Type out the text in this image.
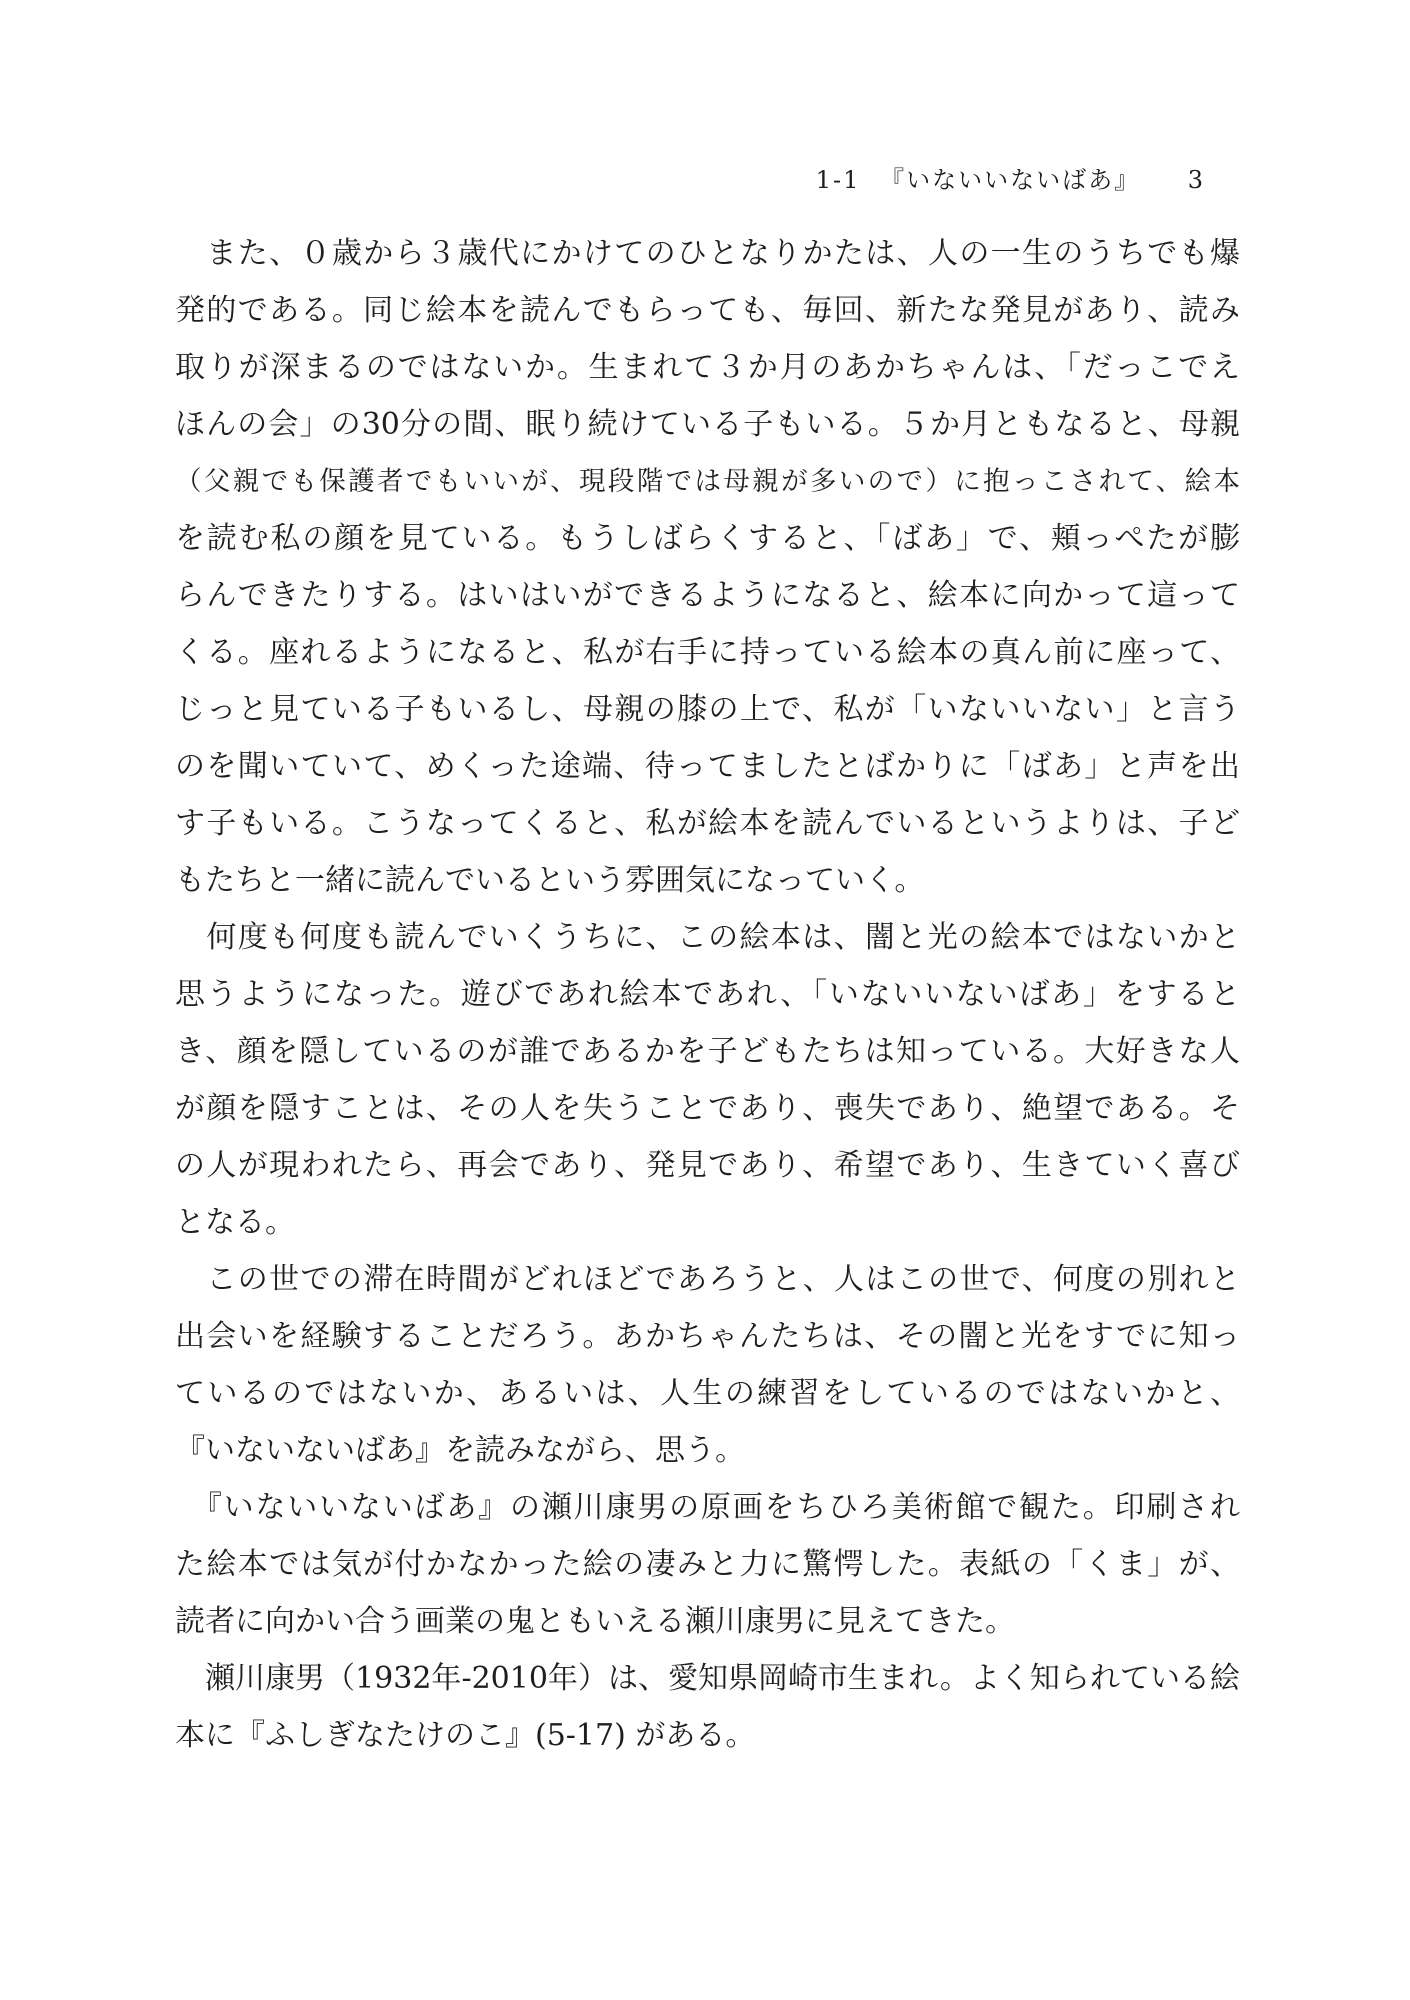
1-1 『いないいないばあ』 3
　また、０歳から３歳代にかけてのひとなりかたは、人の一生のうちでも爆
発的である。同じ絵本を読んでもらっても、毎回、新たな発見があり、読み
取りが深まるのではないか。生まれて３か月のあかちゃんは、「だっこでえ
ほんの会」の30分の間、眠り続けている子もいる。５か月ともなると、母親
（父親でも保護者でもいいが、現段階では母親が多いので）に抱っこされて、絵本
を読む私の顔を見ている。もうしばらくすると、「ばあ」で、頬っぺたが膨
らんできたりする。はいはいができるようになると、絵本に向かって這って
くる。座れるようになると、私が右手に持っている絵本の真ん前に座って、
じっと見ている子もいるし、母親の膝の上で、私が「いないいない」と言う
のを聞いていて、めくった途端、待ってましたとばかりに「ばあ」と声を出
す子もいる。こうなってくると、私が絵本を読んでいるというよりは、子ど
もたちと一緒に読んでいるという雰囲気になっていく。
　何度も何度も読んでいくうちに、この絵本は、闇と光の絵本ではないかと
思うようになった。遊びであれ絵本であれ、「いないいないばあ」をすると
き、顔を隠しているのが誰であるかを子どもたちは知っている。大好きな人
が顔を隠すことは、その人を失うことであり、喪失であり、絶望である。そ
の人が現われたら、再会であり、発見であり、希望であり、生きていく喜び
となる。
　この世での滞在時間がどれほどであろうと、人はこの世で、何度の別れと
出会いを経験することだろう。あかちゃんたちは、その闇と光をすでに知っ
ているのではないか、あるいは、人生の練習をしているのではないかと、
『いないないばあ』を読みながら、思う。
　『いないいないばあ』の瀬川康男の原画をちひろ美術館で観た。印刷され
た絵本では気が付かなかった絵の凄みと力に驚愕した。表紙の「くま」が、
読者に向かい合う画業の鬼ともいえる瀬川康男に見えてきた。
　瀬川康男（1932年-2010年）は、愛知県岡崎市生まれ。よく知られている絵
本に『ふしぎなたけのこ』(5-17) がある。
